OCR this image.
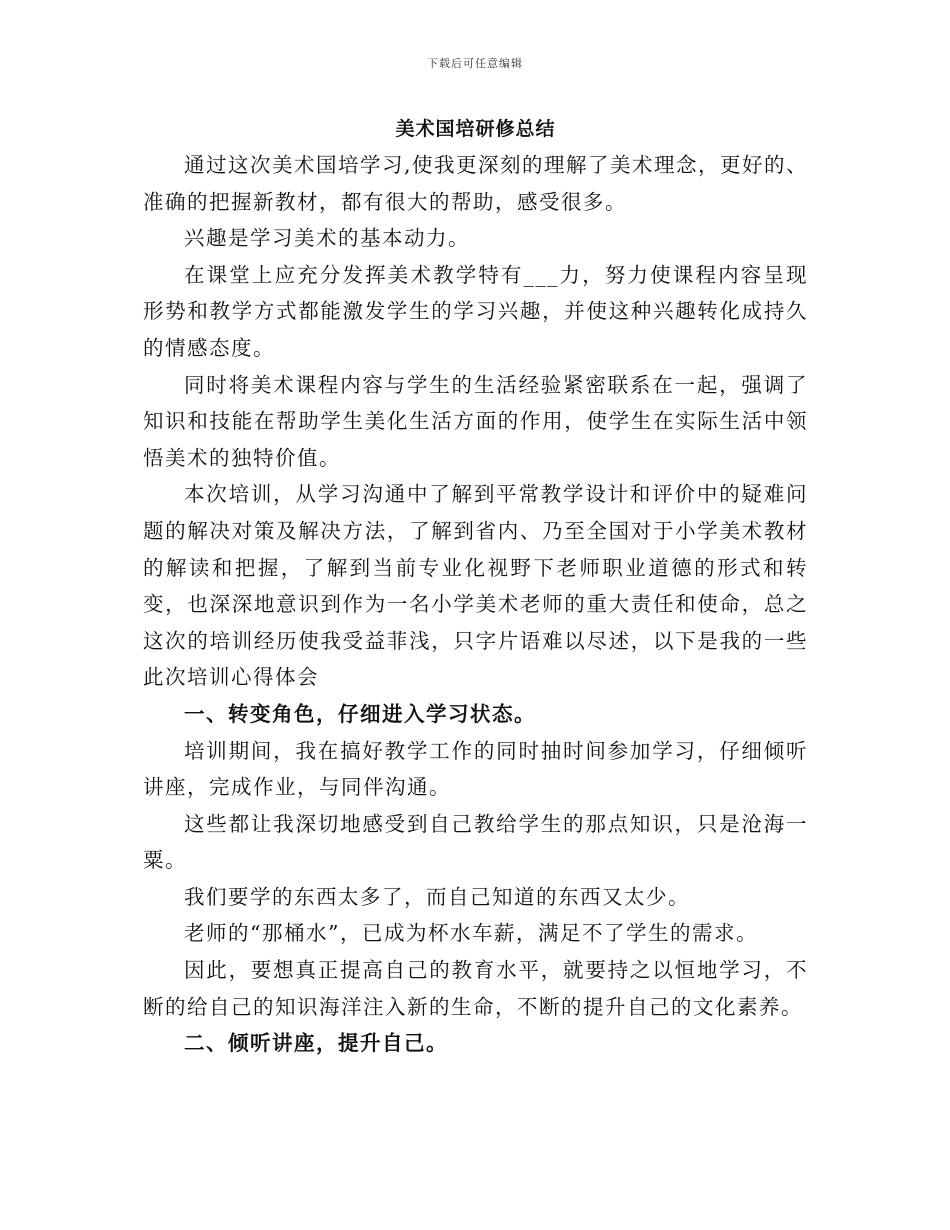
下载后可任意编辑
美术国培研修总结

通过这次美术国培学习,使我更深刻的理解了美术理念，更好的、准确的把握新教材，都有很大的帮助，感受很多。

兴趣是学习美术的基本动力。

在课堂上应充分发挥美术教学特有___力，努力使课程内容呈现形势和教学方式都能激发学生的学习兴趣，并使这种兴趣转化成持久的情感态度。

同时将美术课程内容与学生的生活经验紧密联系在一起，强调了知识和技能在帮助学生美化生活方面的作用，使学生在实际生活中领悟美术的独特价值。

本次培训，从学习沟通中了解到平常教学设计和评价中的疑难问题的解决对策及解决方法，了解到省内、乃至全国对于小学美术教材的解读和把握，了解到当前专业化视野下老师职业道德的形式和转变，也深深地意识到作为一名小学美术老师的重大责任和使命，总之这次的培训经历使我受益菲浅，只字片语难以尽述，以下是我的一些此次培训心得体会

一、转变角色，仔细进入学习状态。

培训期间，我在搞好教学工作的同时抽时间参加学习，仔细倾听讲座，完成作业，与同伴沟通。

这些都让我深切地感受到自己教给学生的那点知识，只是沧海一粟。

我们要学的东西太多了，而自己知道的东西又太少。

老师的“那桶水”，已成为杯水车薪，满足不了学生的需求。

因此，要想真正提高自己的教育水平，就要持之以恒地学习，不断的给自己的知识海洋注入新的生命，不断的提升自己的文化素养。

二、倾听讲座，提升自己。
